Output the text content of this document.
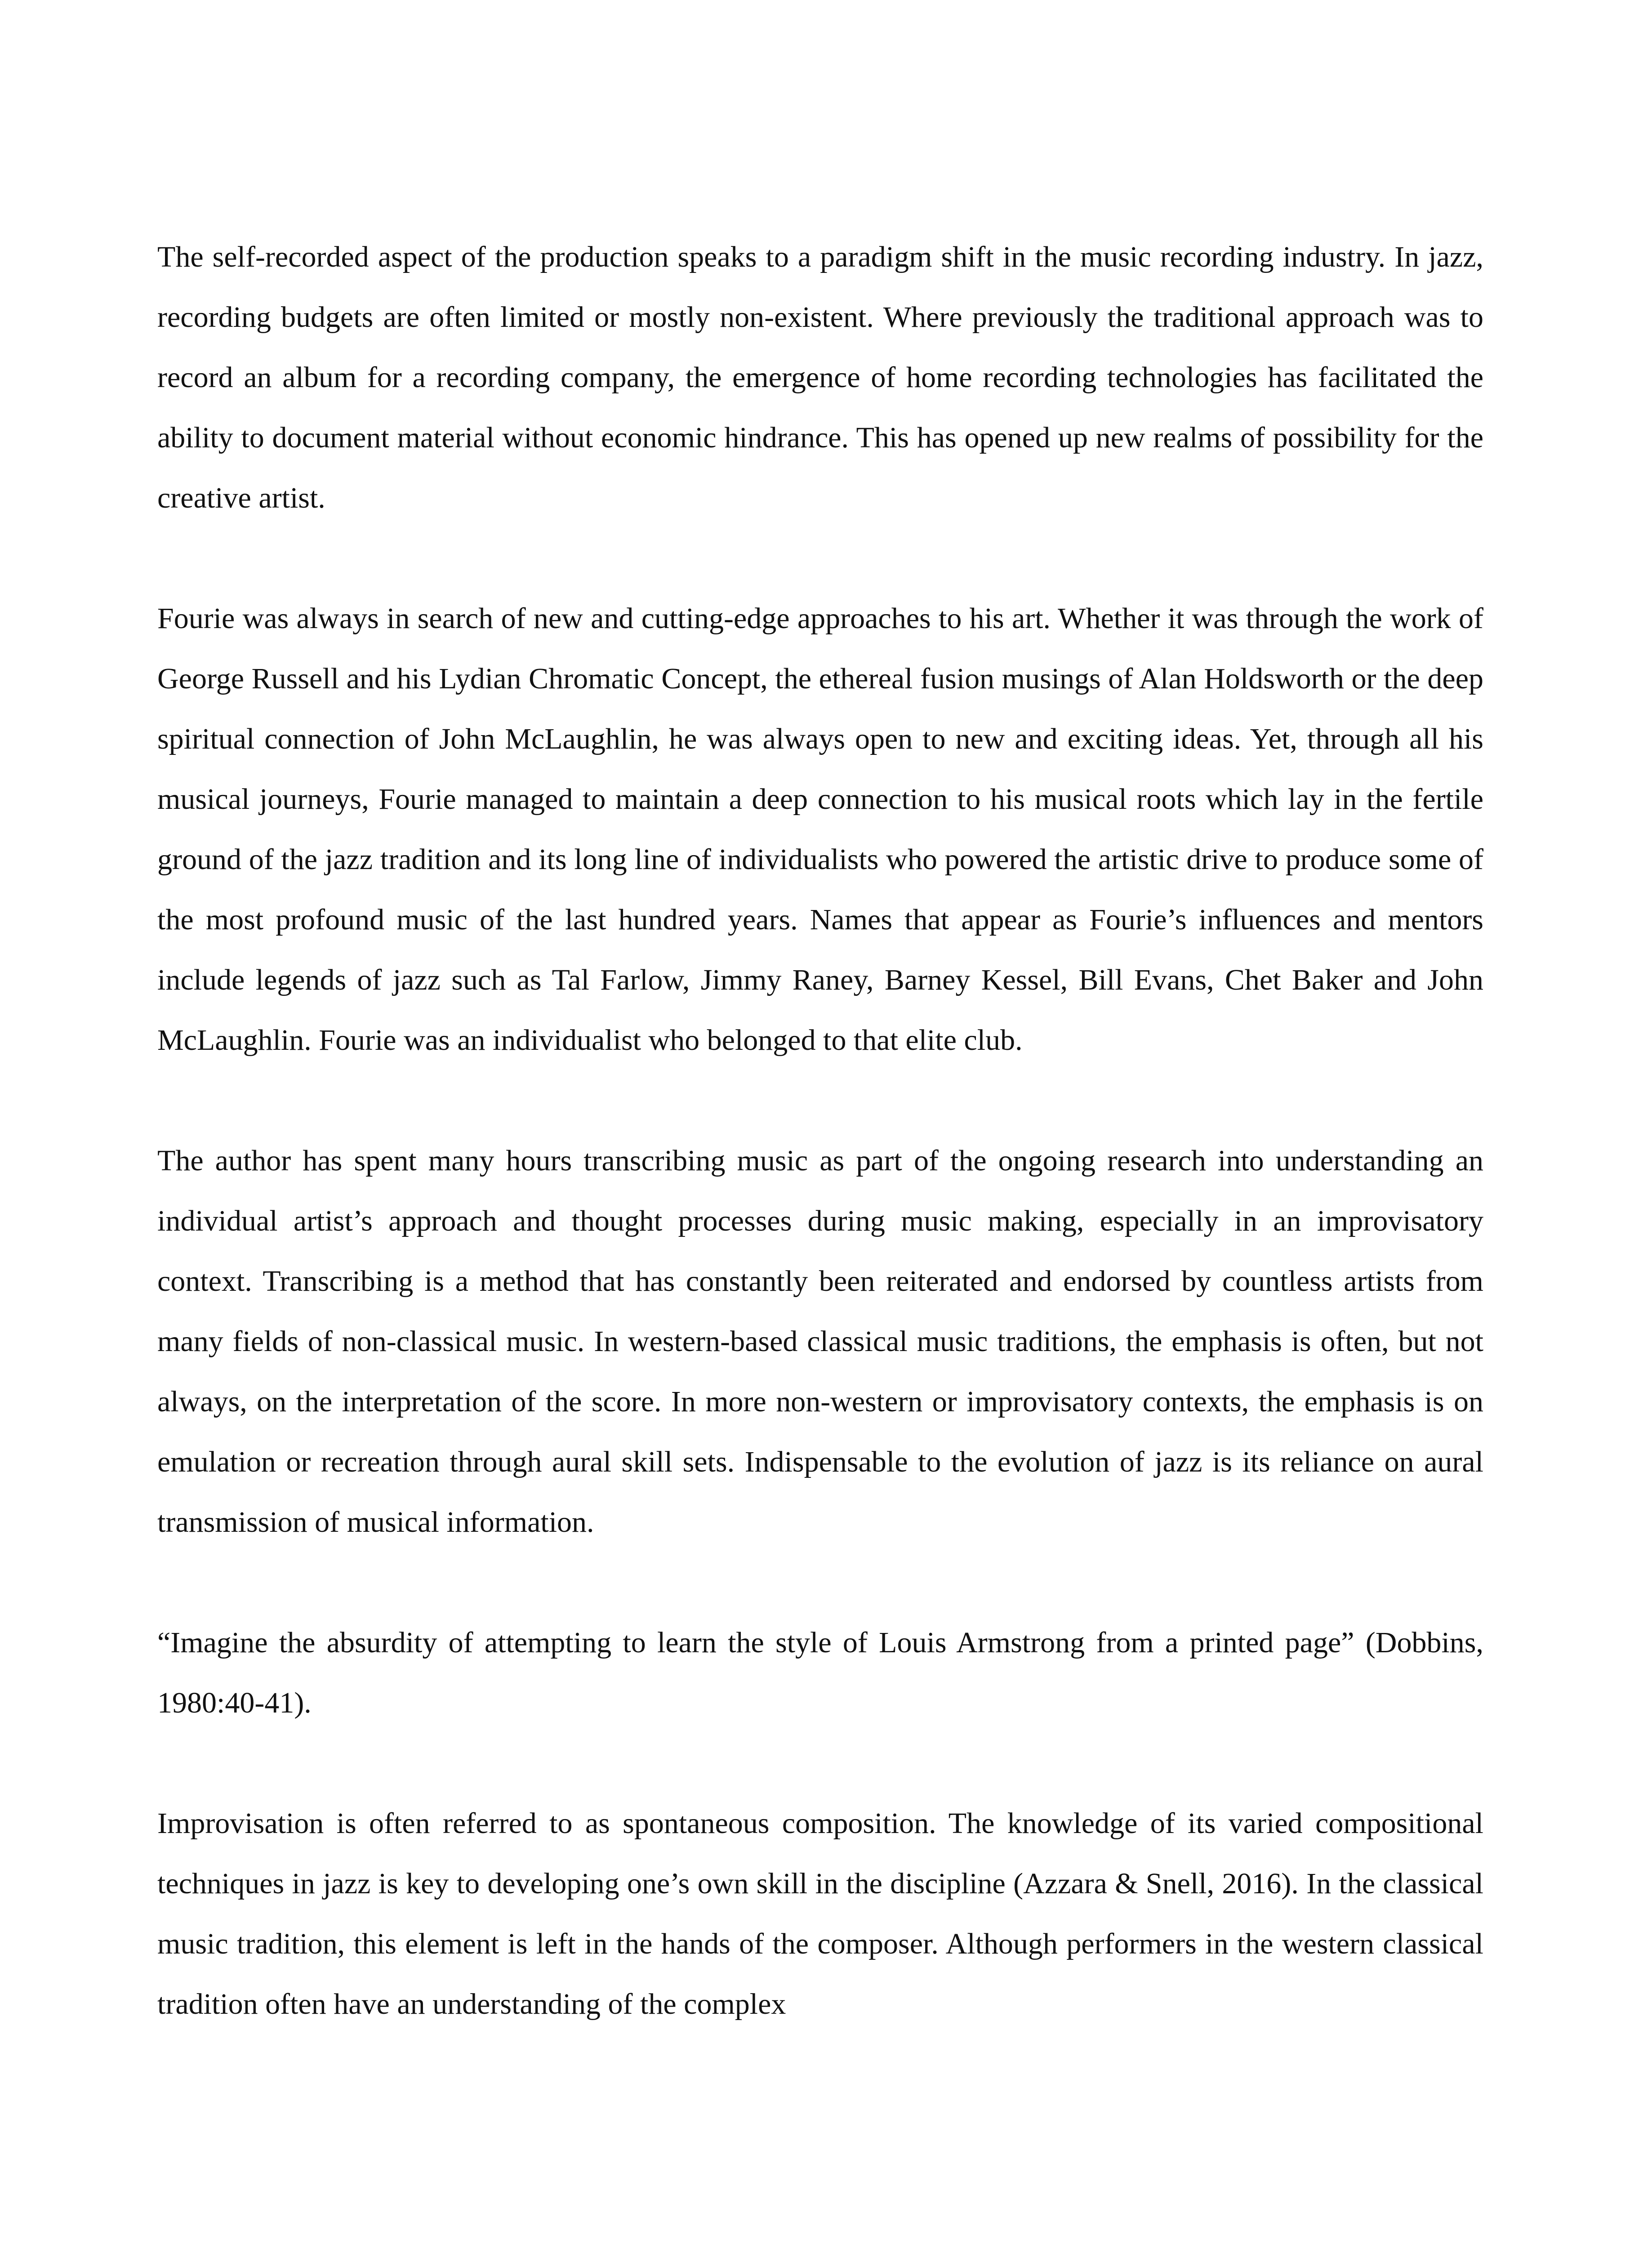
The self-recorded aspect of the production speaks to a paradigm shift in the music recording industry. In jazz, recording budgets are often limited or mostly non-existent. Where previously the traditional approach was to record an album for a recording company, the emergence of home recording technologies has facilitated the ability to document material without economic hindrance. This has opened up new realms of possibility for the creative artist.

Fourie was always in search of new and cutting-edge approaches to his art. Whether it was through the work of George Russell and his Lydian Chromatic Concept, the ethereal fusion musings of Alan Holdsworth or the deep spiritual connection of John McLaughlin, he was always open to new and exciting ideas. Yet, through all his musical journeys, Fourie managed to maintain a deep connection to his musical roots which lay in the fertile ground of the jazz tradition and its long line of individualists who powered the artistic drive to produce some of the most profound music of the last hundred years. Names that appear as Fourie’s influences and mentors include legends of jazz such as Tal Farlow, Jimmy Raney, Barney Kessel, Bill Evans, Chet Baker and John McLaughlin. Fourie was an individualist who belonged to that elite club.

The author has spent many hours transcribing music as part of the ongoing research into understanding an individual artist’s approach and thought processes during music making, especially in an improvisatory context. Transcribing is a method that has constantly been reiterated and endorsed by countless artists from many fields of non-classical music. In western-based classical music traditions, the emphasis is often, but not always, on the interpretation of the score. In more non-western or improvisatory contexts, the emphasis is on emulation or recreation through aural skill sets. Indispensable to the evolution of jazz is its reliance on aural transmission of musical information.

“Imagine the absurdity of attempting to learn the style of Louis Armstrong from a printed page” (Dobbins, 1980:40-41).

Improvisation is often referred to as spontaneous composition. The knowledge of its varied compositional techniques in jazz is key to developing one’s own skill in the discipline (Azzara & Snell, 2016). In the classical music tradition, this element is left in the hands of the composer. Although performers in the western classical tradition often have an understanding of the complex
